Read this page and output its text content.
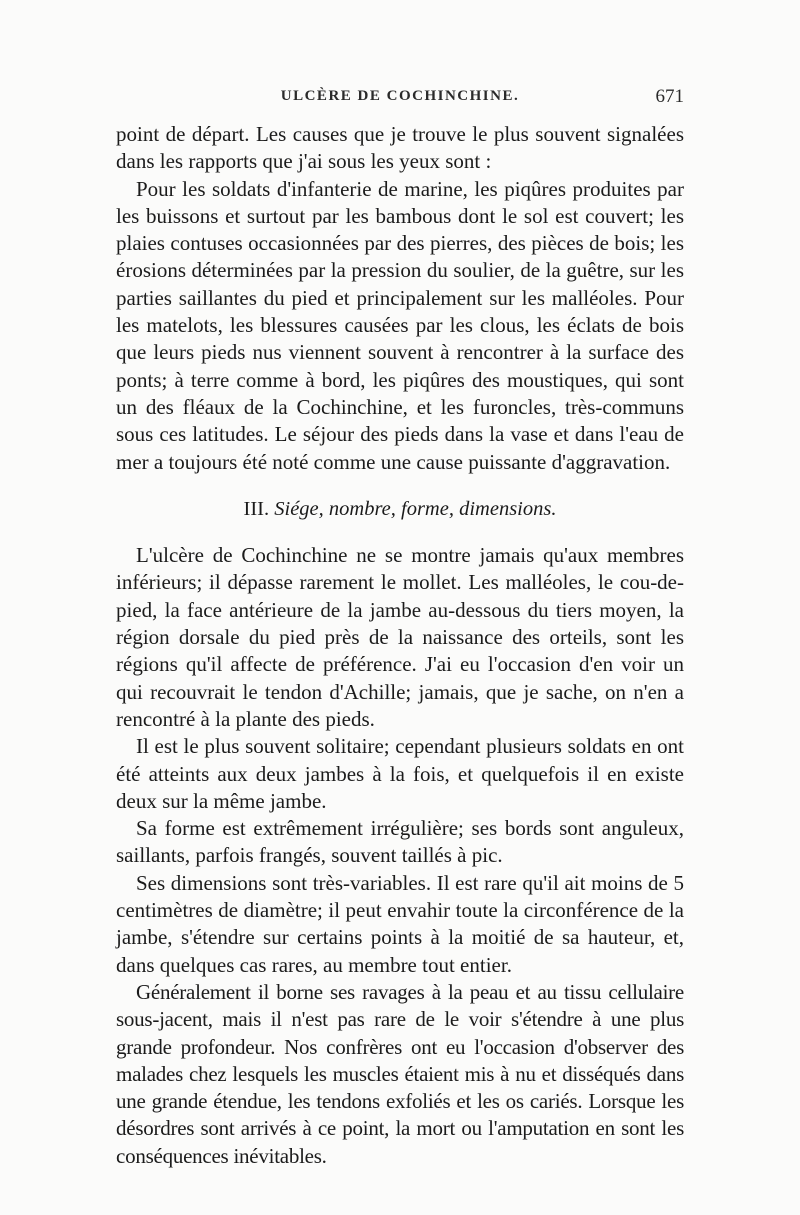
ULCÈRE DE COCHINCHINE.	671

point de départ. Les causes que je trouve le plus souvent signalées dans les rapports que j'ai sous les yeux sont :

Pour les soldats d'infanterie de marine, les piqûres produites par les buissons et surtout par les bambous dont le sol est couvert; les plaies contuses occasionnées par des pierres, des pièces de bois; les érosions déterminées par la pression du soulier, de la guêtre, sur les parties saillantes du pied et principalement sur les malléoles. Pour les matelots, les blessures causées par les clous, les éclats de bois que leurs pieds nus viennent souvent à rencontrer à la surface des ponts; à terre comme à bord, les piqûres des moustiques, qui sont un des fléaux de la Cochinchine, et les furoncles, très-communs sous ces latitudes. Le séjour des pieds dans la vase et dans l'eau de mer a toujours été noté comme une cause puissante d'aggravation.

III. Siége, nombre, forme, dimensions.

L'ulcère de Cochinchine ne se montre jamais qu'aux membres inférieurs; il dépasse rarement le mollet. Les malléoles, le cou-de-pied, la face antérieure de la jambe au-dessous du tiers moyen, la région dorsale du pied près de la naissance des orteils, sont les régions qu'il affecte de préférence. J'ai eu l'occasion d'en voir un qui recouvrait le tendon d'Achille; jamais, que je sache, on n'en a rencontré à la plante des pieds.

Il est le plus souvent solitaire; cependant plusieurs soldats en ont été atteints aux deux jambes à la fois, et quelquefois il en existe deux sur la même jambe.

Sa forme est extrêmement irrégulière; ses bords sont anguleux, saillants, parfois frangés, souvent taillés à pic.

Ses dimensions sont très-variables. Il est rare qu'il ait moins de 5 centimètres de diamètre; il peut envahir toute la circonférence de la jambe, s'étendre sur certains points à la moitié de sa hauteur, et, dans quelques cas rares, au membre tout entier.

Généralement il borne ses ravages à la peau et au tissu cellulaire sous-jacent, mais il n'est pas rare de le voir s'étendre à une plus grande profondeur. Nos confrères ont eu l'occasion d'observer des malades chez lesquels les muscles étaient mis à nu et disséqués dans une grande étendue, les tendons exfoliés et les os cariés. Lorsque les désordres sont arrivés à ce point, la mort ou l'amputation en sont les conséquences inévitables.
